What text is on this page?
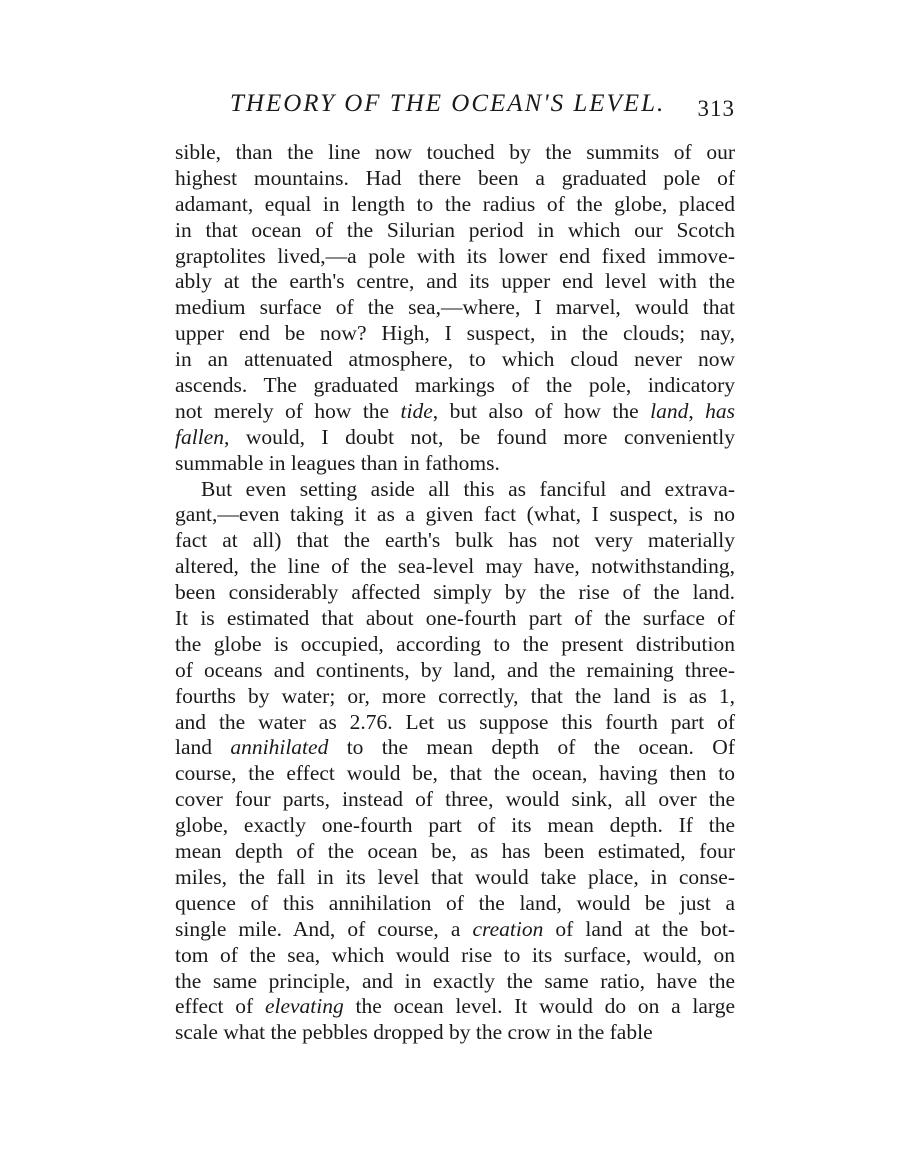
THEORY OF THE OCEAN'S LEVEL. 313
sible, than the line now touched by the summits of our
highest mountains. Had there been a graduated pole of
adamant, equal in length to the radius of the globe, placed
in that ocean of the Silurian period in which our Scotch
graptolites lived,—a pole with its lower end fixed immove-
ably at the earth's centre, and its upper end level with the
medium surface of the sea,—where, I marvel, would that
upper end be now? High, I suspect, in the clouds; nay,
in an attenuated atmosphere, to which cloud never now
ascends. The graduated markings of the pole, indicatory
not merely of how the tide, but also of how the land, has
fallen, would, I doubt not, be found more conveniently
summable in leagues than in fathoms.
But even setting aside all this as fanciful and extrava-
gant,—even taking it as a given fact (what, I suspect, is no
fact at all) that the earth's bulk has not very materially
altered, the line of the sea-level may have, notwithstanding,
been considerably affected simply by the rise of the land.
It is estimated that about one-fourth part of the surface of
the globe is occupied, according to the present distribution
of oceans and continents, by land, and the remaining three-
fourths by water; or, more correctly, that the land is as 1,
and the water as 2.76. Let us suppose this fourth part of
land annihilated to the mean depth of the ocean. Of
course, the effect would be, that the ocean, having then to
cover four parts, instead of three, would sink, all over the
globe, exactly one-fourth part of its mean depth. If the
mean depth of the ocean be, as has been estimated, four
miles, the fall in its level that would take place, in conse-
quence of this annihilation of the land, would be just a
single mile. And, of course, a creation of land at the bot-
tom of the sea, which would rise to its surface, would, on
the same principle, and in exactly the same ratio, have the
effect of elevating the ocean level. It would do on a large
scale what the pebbles dropped by the crow in the fable
